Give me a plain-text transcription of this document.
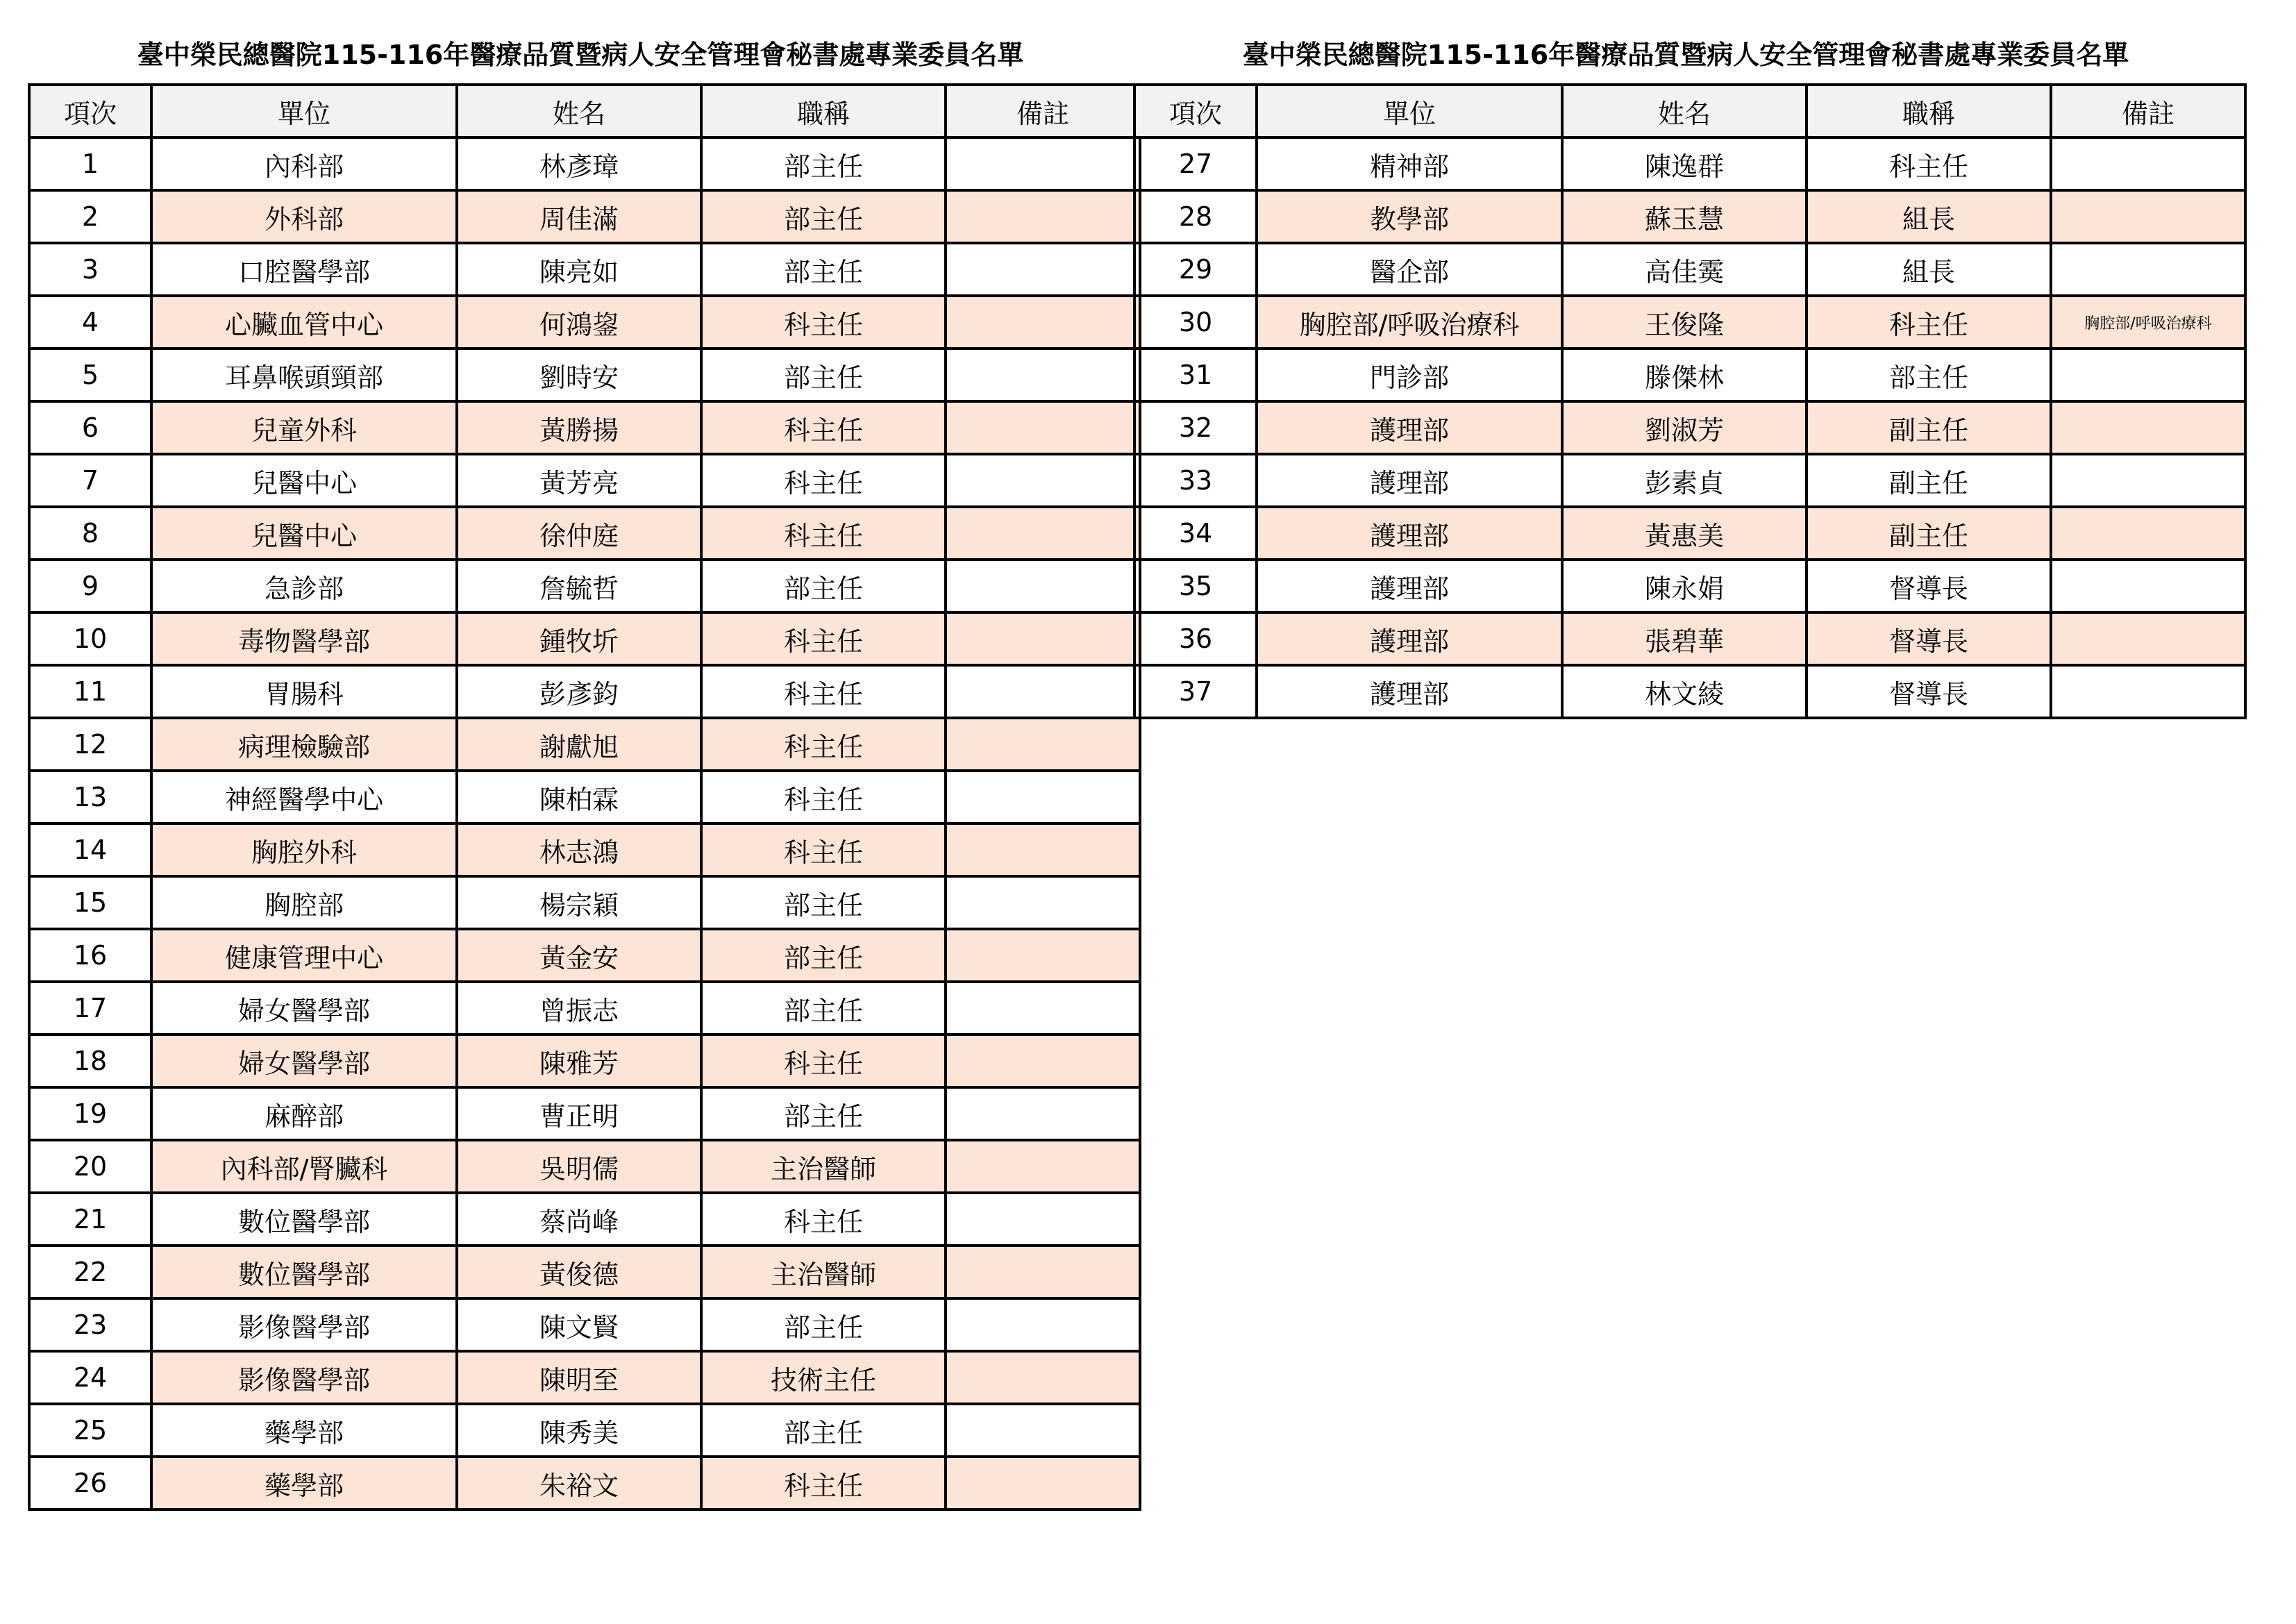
臺中榮民總醫院115-116年醫療品質暨病人安全管理會秘書處專業委員名單	臺中榮民總醫院115-116年醫療品質暨病人安全管理會秘書處專業委員名單
項次	單位	姓名	職稱	備註
1	內科部	林彥璋	部主任	
2	外科部	周佳滿	部主任	
3	口腔醫學部	陳亮如	部主任	
4	心臟血管中心	何鴻鋆	科主任	
5	耳鼻喉頭頸部	劉時安	部主任	
6	兒童外科	黃勝揚	科主任	
7	兒醫中心	黃芳亮	科主任	
8	兒醫中心	徐仲庭	科主任	
9	急診部	詹毓哲	部主任	
10	毒物醫學部	鍾牧圻	科主任	
11	胃腸科	彭彥鈞	科主任	
12	病理檢驗部	謝獻旭	科主任	
13	神經醫學中心	陳柏霖	科主任	
14	胸腔外科	林志鴻	科主任	
15	胸腔部	楊宗穎	部主任	
16	健康管理中心	黃金安	部主任	
17	婦女醫學部	曾振志	部主任	
18	婦女醫學部	陳雅芳	科主任	
19	麻醉部	曹正明	部主任	
20	內科部/腎臟科	吳明儒	主治醫師	
21	數位醫學部	蔡尚峰	科主任	
22	數位醫學部	黃俊德	主治醫師	
23	影像醫學部	陳文賢	部主任	
24	影像醫學部	陳明至	技術主任	
25	藥學部	陳秀美	部主任	
26	藥學部	朱裕文	科主任	
項次	單位	姓名	職稱	備註
27	精神部	陳逸群	科主任	
28	教學部	蘇玉慧	組長	
29	醫企部	高佳霙	組長	
30	胸腔部/呼吸治療科	王俊隆	科主任	胸腔部/呼吸治療科
31	門診部	滕傑林	部主任	
32	護理部	劉淑芳	副主任	
33	護理部	彭素貞	副主任	
34	護理部	黃惠美	副主任	
35	護理部	陳永娟	督導長	
36	護理部	張碧華	督導長	
37	護理部	林文綾	督導長	
